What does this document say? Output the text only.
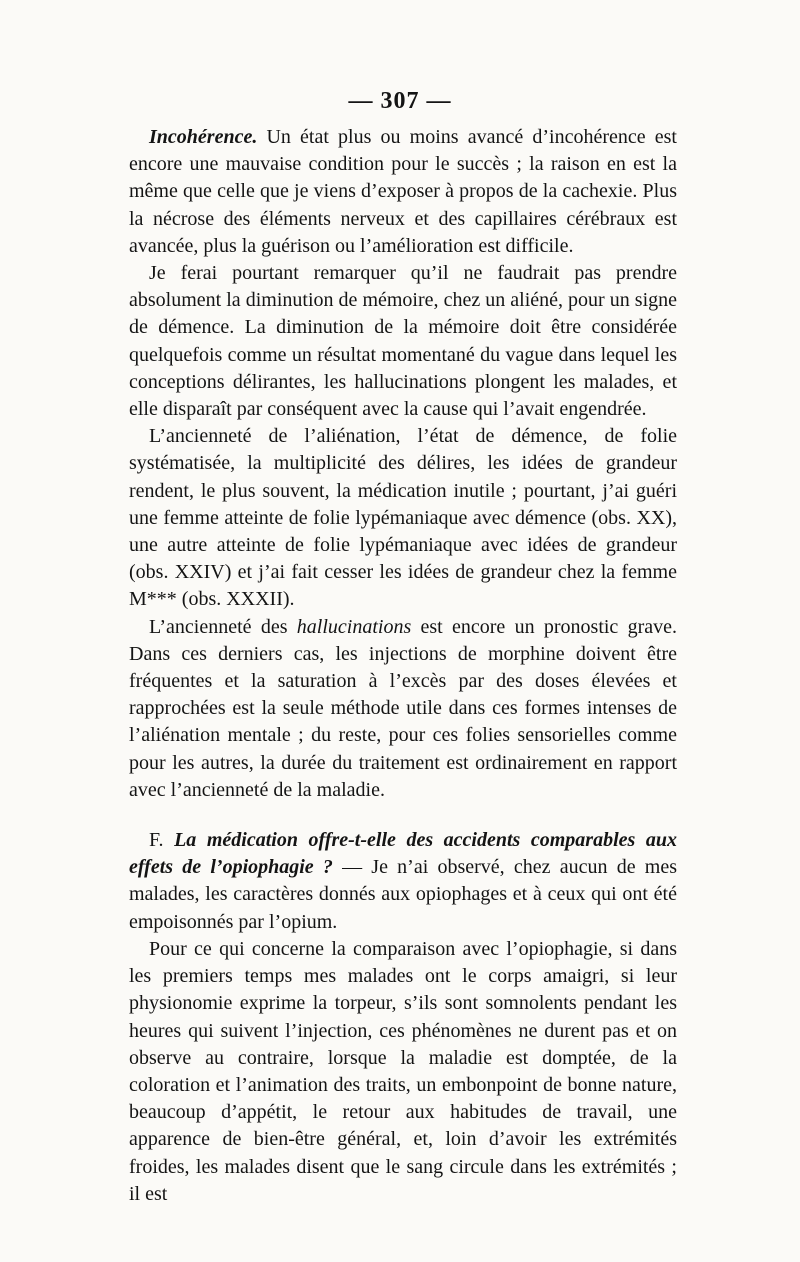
— 307 —

Incohérence. Un état plus ou moins avancé d’incohérence est encore une mauvaise condition pour le succès ; la raison en est la même que celle que je viens d’exposer à propos de la cachexie. Plus la nécrose des éléments nerveux et des capillaires cérébraux est avancée, plus la guérison ou l’amélioration est difficile.

Je ferai pourtant remarquer qu’il ne faudrait pas prendre absolument la diminution de mémoire, chez un aliéné, pour un signe de démence. La diminution de la mémoire doit être considérée quelquefois comme un résultat momentané du vague dans lequel les conceptions délirantes, les hallucinations plongent les malades, et elle disparaît par conséquent avec la cause qui l’avait engendrée.

L’ancienneté de l’aliénation, l’état de démence, de folie systématisée, la multiplicité des délires, les idées de grandeur rendent, le plus souvent, la médication inutile ; pourtant, j’ai guéri une femme atteinte de folie lypémaniaque avec démence (obs. XX), une autre atteinte de folie lypémaniaque avec idées de grandeur (obs. XXIV) et j’ai fait cesser les idées de grandeur chez la femme M*** (obs. XXXII).

L’ancienneté des hallucinations est encore un pronostic grave. Dans ces derniers cas, les injections de morphine doivent être fréquentes et la saturation à l’excès par des doses élevées et rapprochées est la seule méthode utile dans ces formes intenses de l’aliénation mentale ; du reste, pour ces folies sensorielles comme pour les autres, la durée du traitement est ordinairement en rapport avec l’ancienneté de la maladie.

F. La médication offre-t-elle des accidents comparables aux effets de l’opiophagie ? — Je n’ai observé, chez aucun de mes malades, les caractères donnés aux opiophages et à ceux qui ont été empoisonnés par l’opium.

Pour ce qui concerne la comparaison avec l’opiophagie, si dans les premiers temps mes malades ont le corps amaigri, si leur physionomie exprime la torpeur, s’ils sont somnolents pendant les heures qui suivent l’injection, ces phénomènes ne durent pas et on observe au contraire, lorsque la maladie est domptée, de la coloration et l’animation des traits, un embonpoint de bonne nature, beaucoup d’appétit, le retour aux habitudes de travail, une apparence de bien-être général, et, loin d’avoir les extrémités froides, les malades disent que le sang circule dans les extrémités ; il est
